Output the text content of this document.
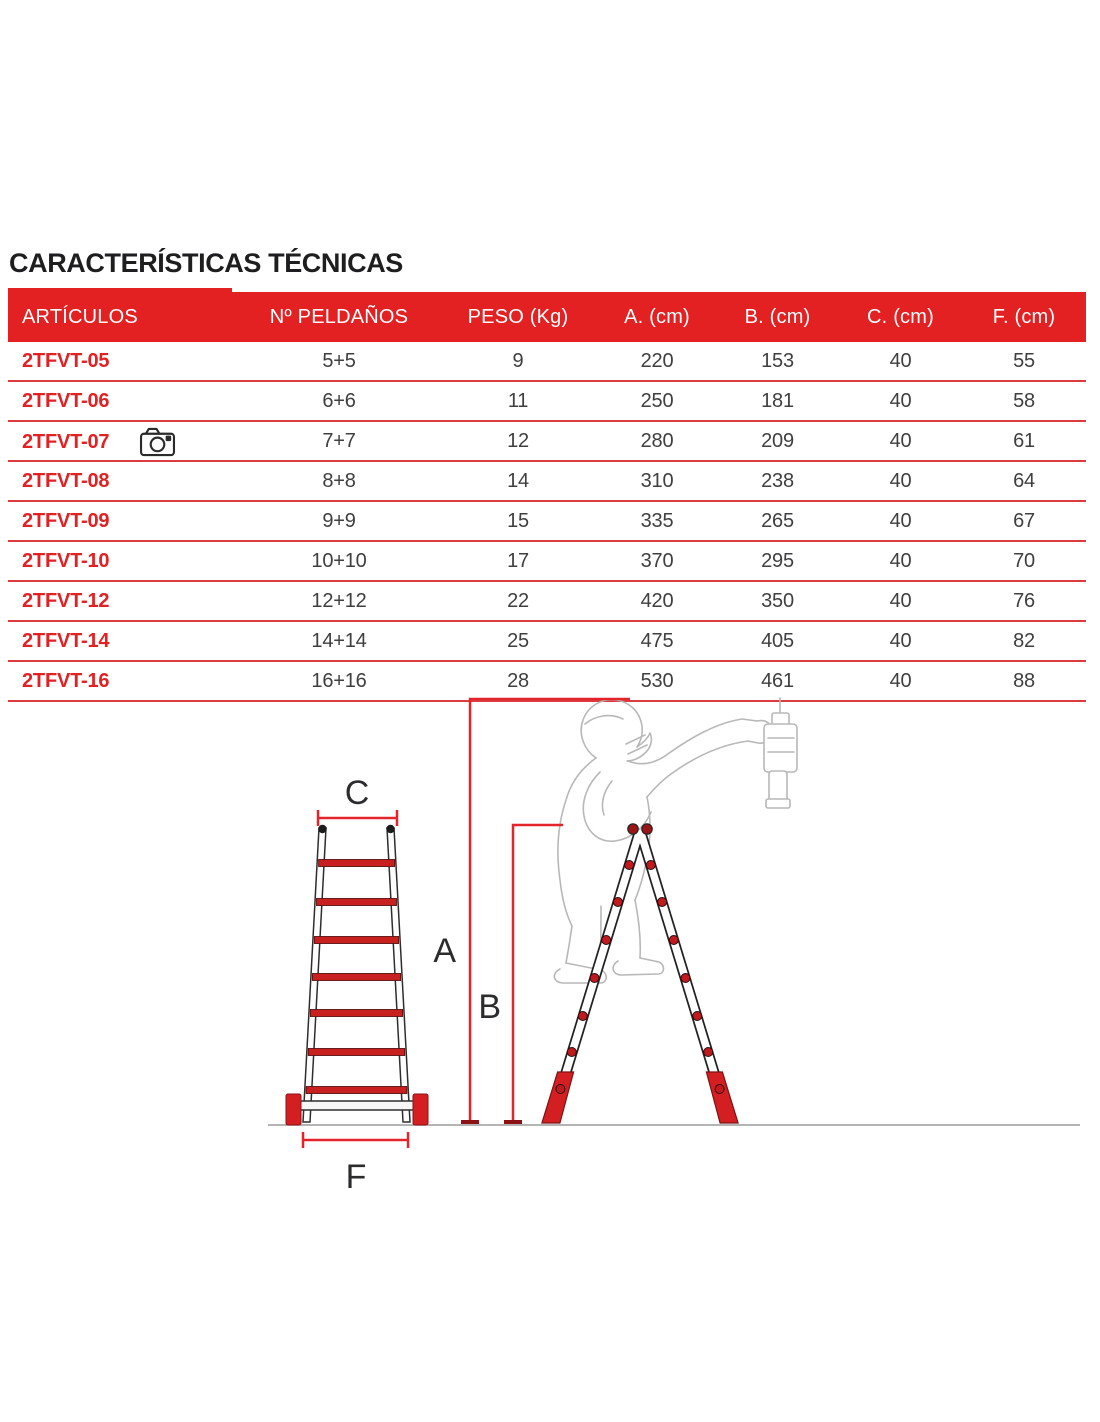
CARACTERÍSTICAS TÉCNICAS
ARTÍCULOS	Nº PELDAÑOS	PESO (Kg)	A. (cm)	B. (cm)	C. (cm)	F. (cm)
2TFVT-05	5+5	9	220	153	40	55
2TFVT-06	6+6	11	250	181	40	58
2TFVT-07	7+7	12	280	209	40	61
2TFVT-08	8+8	14	310	238	40	64
2TFVT-09	9+9	15	335	265	40	67
2TFVT-10	10+10	17	370	295	40	70
2TFVT-12	12+12	22	420	350	40	76
2TFVT-14	14+14	25	475	405	40	82
2TFVT-16	16+16	28	530	461	40	88
C
F
A
B
